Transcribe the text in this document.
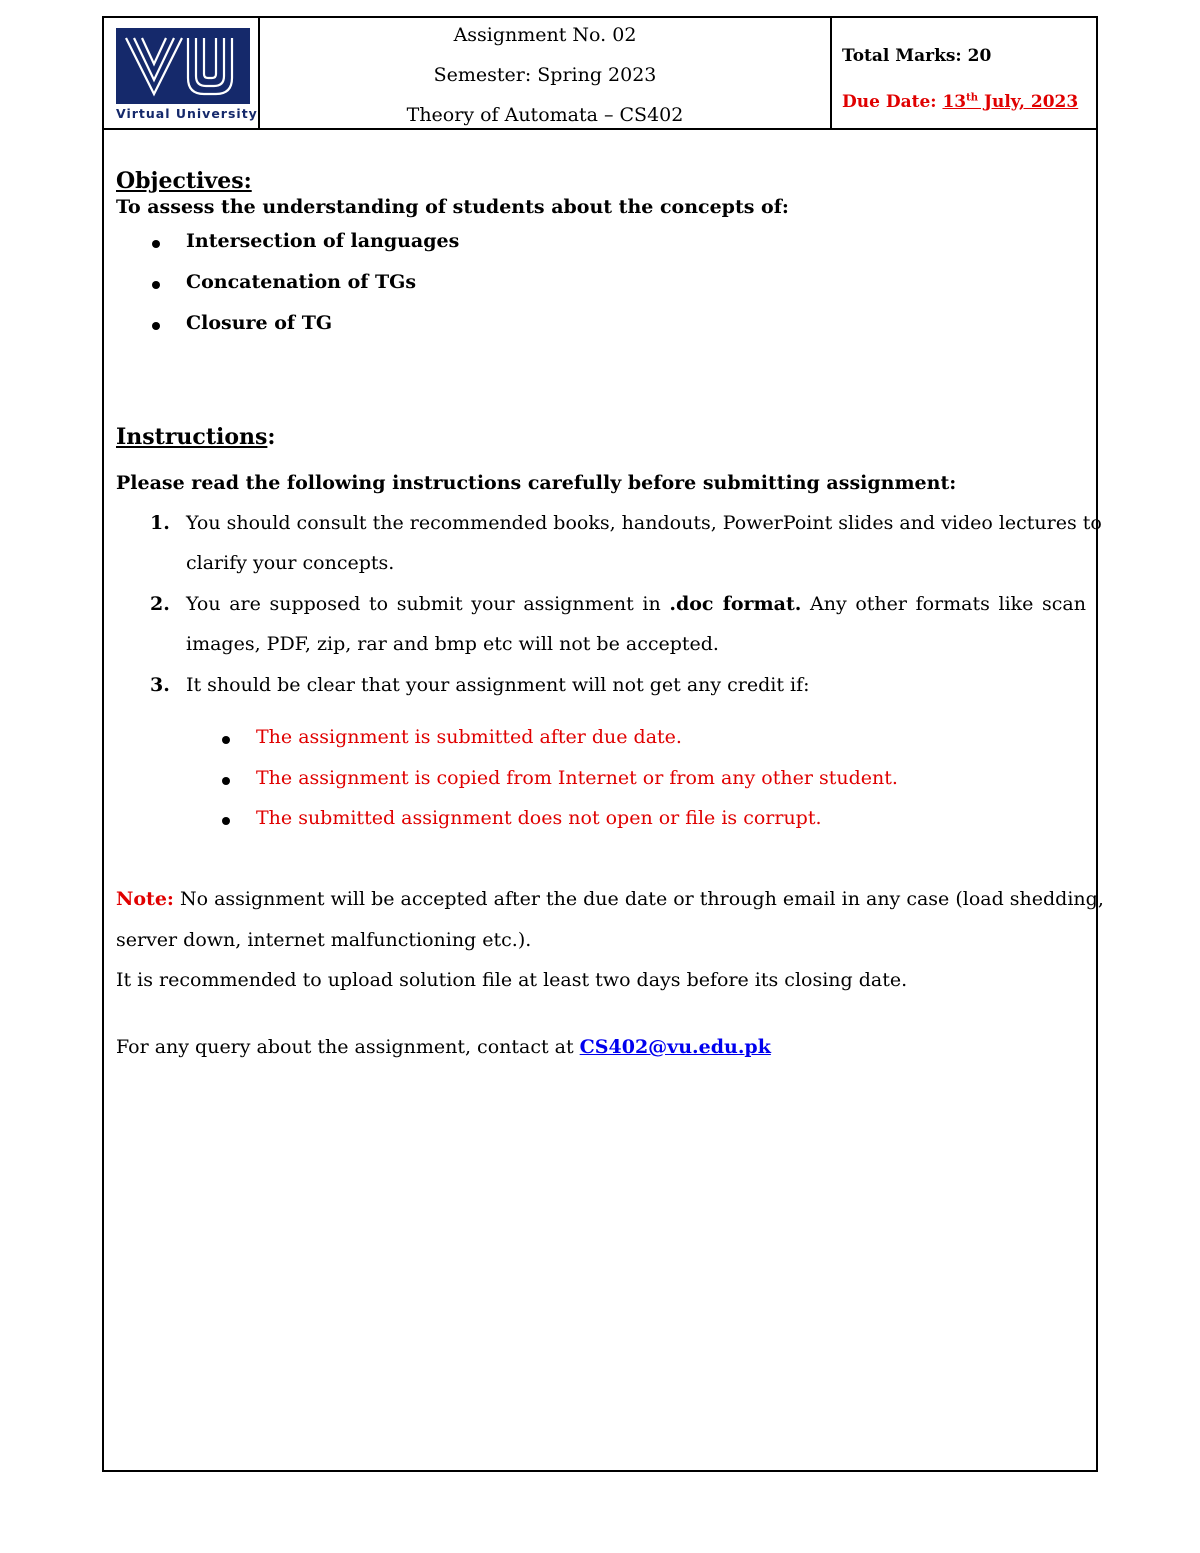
Virtual University
Assignment No. 02
Semester: Spring 2023
Theory of Automata – CS402
Total Marks: 20
Due Date: 13th July, 2023
Objectives:
To assess the understanding of students about the concepts of:
Intersection of languages
Concatenation of TGs
Closure of TG
Instructions:
Please read the following instructions carefully before submitting assignment:
1. You should consult the recommended books, handouts, PowerPoint slides and video lectures to
clarify your concepts.
2. You are supposed to submit your assignment in .doc format. Any other formats like scan
images, PDF, zip, rar and bmp etc will not be accepted.
3. It should be clear that your assignment will not get any credit if:
The assignment is submitted after due date.
The assignment is copied from Internet or from any other student.
The submitted assignment does not open or file is corrupt.
Note: No assignment will be accepted after the due date or through email in any case (load shedding,
server down, internet malfunctioning etc.).
It is recommended to upload solution file at least two days before its closing date.
For any query about the assignment, contact at CS402@vu.edu.pk
